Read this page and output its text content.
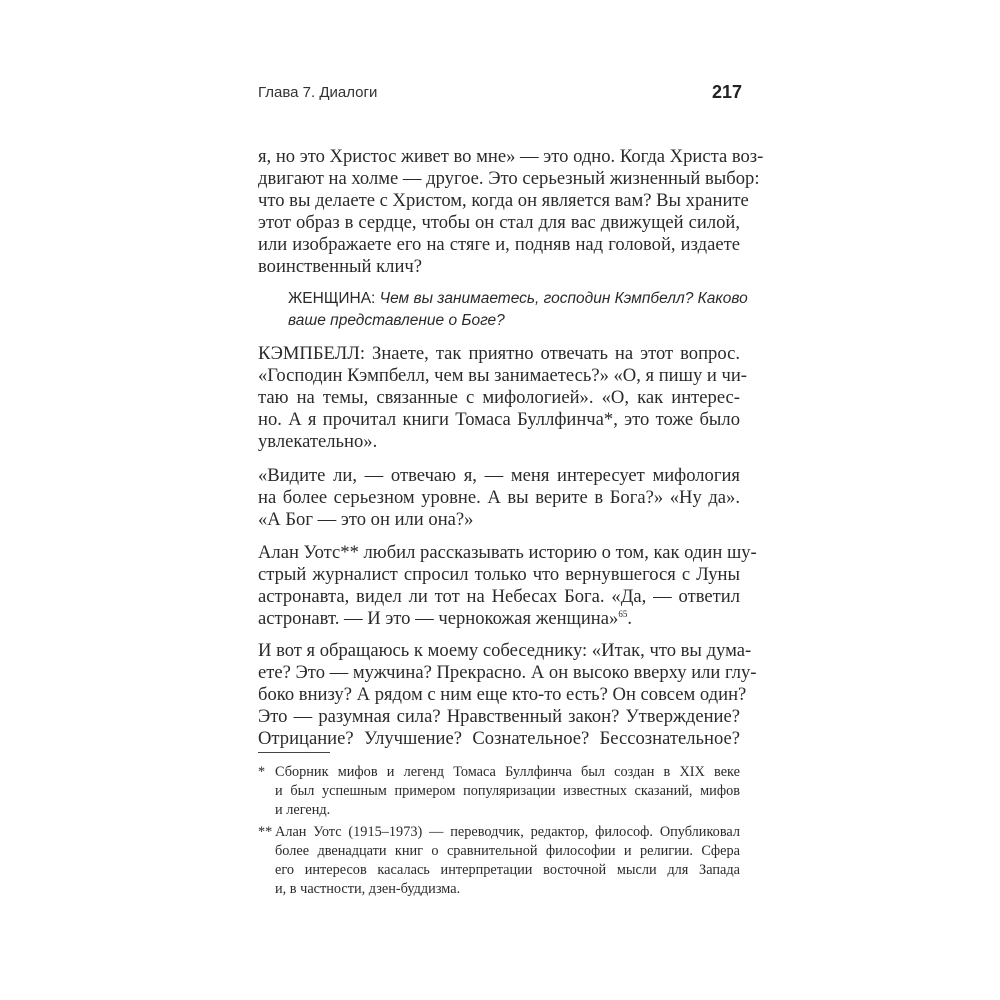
Глава 7. Диалоги	217
я, но это Христос живет во мне» — это одно. Когда Христа воз-
двигают на холме — другое. Это серьезный жизненный выбор:
что вы делаете с Христом, когда он является вам? Вы храните
этот образ в сердце, чтобы он стал для вас движущей силой,
или изображаете его на стяге и, подняв над головой, издаете
воинственный клич?
ЖЕНЩИНА: Чем вы занимаетесь, господин Кэмпбелл? Каково
ваше представление о Боге?
КЭМПБЕЛЛ: Знаете, так приятно отвечать на этот вопрос.
«Господин Кэмпбелл, чем вы занимаетесь?» «О, я пишу и чи-
таю на темы, связанные с мифологией». «О, как интерес-
но. А я прочитал книги Томаса Буллфинча*, это тоже было
увлекательно».
«Видите ли, — отвечаю я, — меня интересует мифология
на более серьезном уровне. А вы верите в Бога?» «Ну да».
«А Бог — это он или она?»
Алан Уотс** любил рассказывать историю о том, как один шу-
стрый журналист спросил только что вернувшегося с Луны
астронавта, видел ли тот на Небесах Бога. «Да, — ответил
астронавт. — И это — чернокожая женщина»$^{65}$.
И вот я обращаюсь к моему собеседнику: «Итак, что вы дума-
ете? Это — мужчина? Прекрасно. А он высоко вверху или глу-
боко внизу? А рядом с ним еще кто-то есть? Он совсем один?
Это — разумная сила? Нравственный закон? Утверждение?
Отрицание? Улучшение? Сознательное? Бессознательное?
* Сборник мифов и легенд Томаса Буллфинча был создан в XIX веке
и был успешным примером популяризации известных сказаний, мифов
и легенд.
** Алан Уотс (1915–1973) — переводчик, редактор, философ. Опубликовал
более двенадцати книг о сравнительной философии и религии. Сфера
его интересов касалась интерпретации восточной мысли для Запада
и, в частности, дзен-буддизма.
